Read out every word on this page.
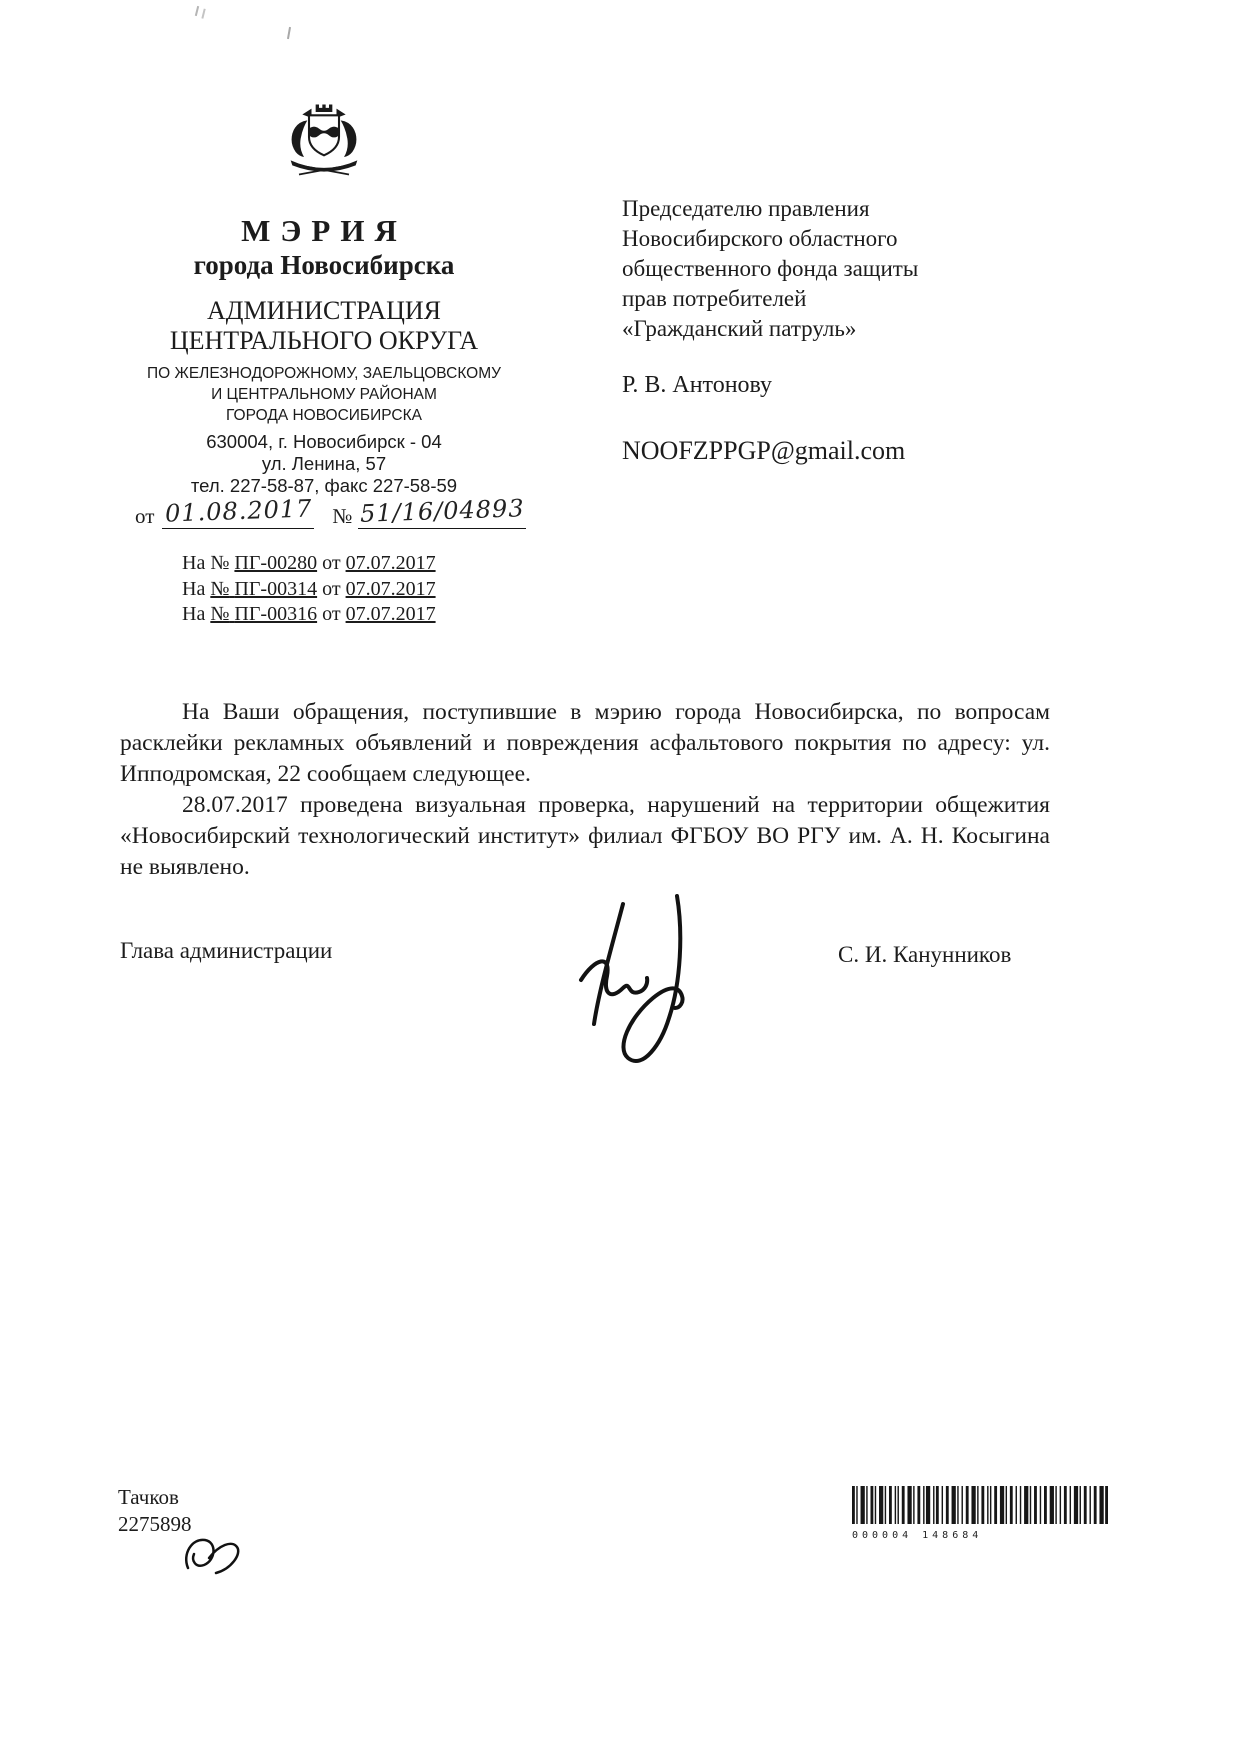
МЭРИЯ
города Новосибирска
АДМИНИСТРАЦИЯ
ЦЕНТРАЛЬНОГО ОКРУГА
ПО ЖЕЛЕЗНОДОРОЖНОМУ, ЗАЕЛЬЦОВСКОМУ
И ЦЕНТРАЛЬНОМУ РАЙОНАМ
ГОРОДА НОВОСИБИРСКА
630004, г. Новосибирск - 04
ул. Ленина, 57
тел. 227-58-87, факс 227-58-59
от 01.08.2017 № 51/16/04893
На № ПГ-00280 от 07.07.2017
На № ПГ-00314 от 07.07.2017
На № ПГ-00316 от 07.07.2017
Председателю правления Новосибирского областного общественного фонда защиты прав потребителей «Гражданский патруль»
Р. В. Антонову
NOOFZPPGP@gmail.com

На Ваши обращения, поступившие в мэрию города Новосибирска, по вопросам расклейки рекламных объявлений и повреждения асфальтового покрытия по адресу: ул. Ипподромская, 22 сообщаем следующее.

28.07.2017 проведена визуальная проверка, нарушений на территории общежития «Новосибирский технологический институт» филиал ФГБОУ ВО РГУ им. А. Н. Косыгина не выявлено.

Глава администрации	С. И. Канунников
Тачков
2275898	000004 148684
